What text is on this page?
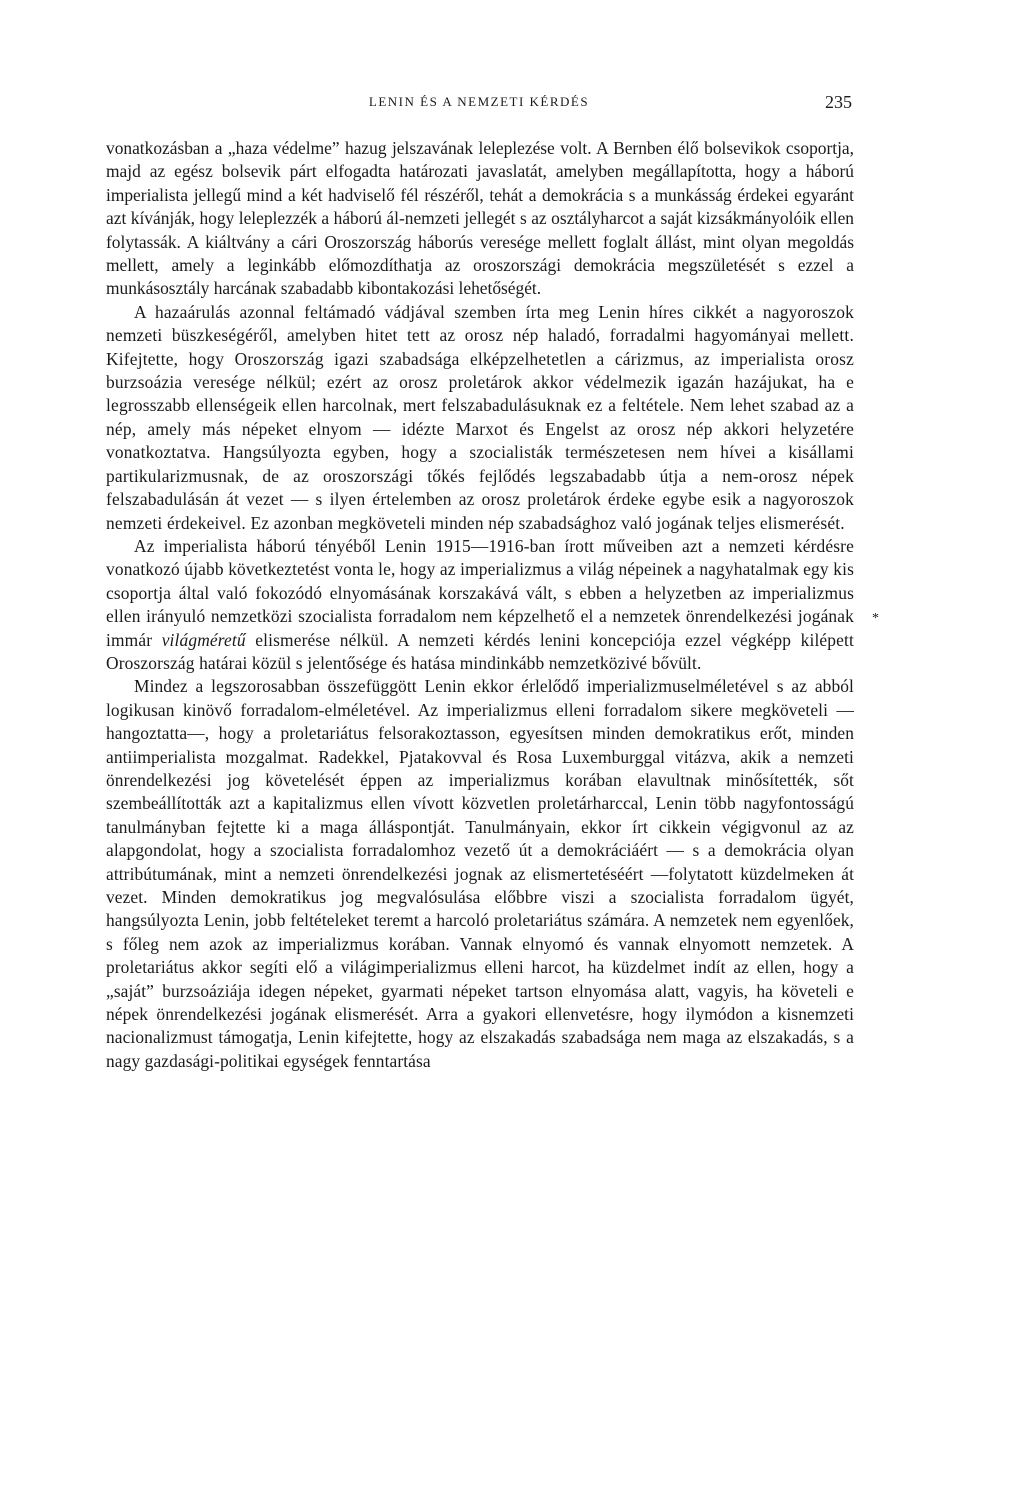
LENIN ÉS A NEMZETI KÉRDÉS	235
*

vonatkozásban a „haza védelme” hazug jelszavának leleplezése volt. A Bernben élő bolsevikok csoportja, majd az egész bolsevik párt elfogadta határozati javaslatát, amelyben megállapította, hogy a háború imperialista jellegű mind a két hadviselő fél részéről, tehát a demokrácia s a munkásság érdekei egyaránt azt kívánják, hogy leleplezzék a háború ál-nemzeti jellegét s az osztályharcot a saját kizsákmányolóik ellen folytassák. A kiáltvány a cári Oroszország háborús veresége mellett foglalt állást, mint olyan megoldás mellett, amely a leginkább előmozdíthatja az oroszországi demokrácia megszületését s ezzel a munkásosztály harcának szabadabb kibontakozási lehetőségét.

A hazaárulás azonnal feltámadó vádjával szemben írta meg Lenin híres cikkét a nagyoroszok nemzeti büszkeségéről, amelyben hitet tett az orosz nép haladó, forradalmi hagyományai mellett. Kifejtette, hogy Oroszország igazi szabadsága elképzelhetetlen a cárizmus, az imperialista orosz burzsoázia veresége nélkül; ezért az orosz proletárok akkor védelmezik igazán hazájukat, ha e legrosszabb ellenségeik ellen harcolnak, mert felszabadulásuknak ez a feltétele. Nem lehet szabad az a nép, amely más népeket elnyom — idézte Marxot és Engelst az orosz nép akkori helyzetére vonatkoztatva. Hangsúlyozta egyben, hogy a szocialisták természetesen nem hívei a kisállami partikularizmusnak, de az oroszországi tőkés fejlődés legszabadabb útja a nem-orosz népek felszabadulásán át vezet — s ilyen értelemben az orosz proletárok érdeke egybe esik a nagyoroszok nemzeti érdekeivel. Ez azonban megköveteli minden nép szabadsághoz való jogának teljes elismerését.

Az imperialista háború tényéből Lenin 1915—1916-ban írott műveiben azt a nemzeti kérdésre vonatkozó újabb következtetést vonta le, hogy az imperializmus a világ népeinek a nagyhatalmak egy kis csoportja által való fokozódó elnyomásának korszakává vált, s ebben a helyzetben az imperializmus ellen irányuló nemzetközi szocialista forradalom nem képzelhető el a nemzetek önrendelkezési jogának immár világméretű elismerése nélkül. A nemzeti kérdés lenini koncepciója ezzel végképp kilépett Oroszország határai közül s jelentősége és hatása mindinkább nemzetközivé bővült.

Mindez a legszorosabban összefüggött Lenin ekkor érlelődő imperializmuselméletével s az abból logikusan kinövő forradalom-elméletével. Az imperializmus elleni forradalom sikere megköveteli — hangoztatta—, hogy a proletariátus felsorakoztasson, egyesítsen minden demokratikus erőt, minden antiimperialista mozgalmat. Radekkel, Pjatakovval és Rosa Luxemburggal vitázva, akik a nemzeti önrendelkezési jog követelését éppen az imperializmus korában elavultnak minősítették, sőt szembeállították azt a kapitalizmus ellen vívott közvetlen proletárharccal, Lenin több nagyfontosságú tanulmányban fejtette ki a maga álláspontját. Tanulmányain, ekkor írt cikkein végigvonul az az alapgondolat, hogy a szocialista forradalomhoz vezető út a demokráciáért — s a demokrácia olyan attribútumának, mint a nemzeti önrendelkezési jognak az elismertetéséért —folytatott küzdelmeken át vezet. Minden demokratikus jog megvalósulása előbbre viszi a szocialista forradalom ügyét, hangsúlyozta Lenin, jobb feltételeket teremt a harcoló proletariátus számára. A nemzetek nem egyenlőek, s főleg nem azok az imperializmus korában. Vannak elnyomó és vannak elnyomott nemzetek. A proletariátus akkor segíti elő a világimperializmus elleni harcot, ha küzdelmet indít az ellen, hogy a „saját” burzsoáziája idegen népeket, gyarmati népeket tartson elnyomása alatt, vagyis, ha követeli e népek önrendelkezési jogának elismerését. Arra a gyakori ellenvetésre, hogy ilymódon a kisnemzeti nacionalizmust támogatja, Lenin kifejtette, hogy az elszakadás szabadsága nem maga az elszakadás, s a nagy gazdasági-politikai egységek fenntartása
